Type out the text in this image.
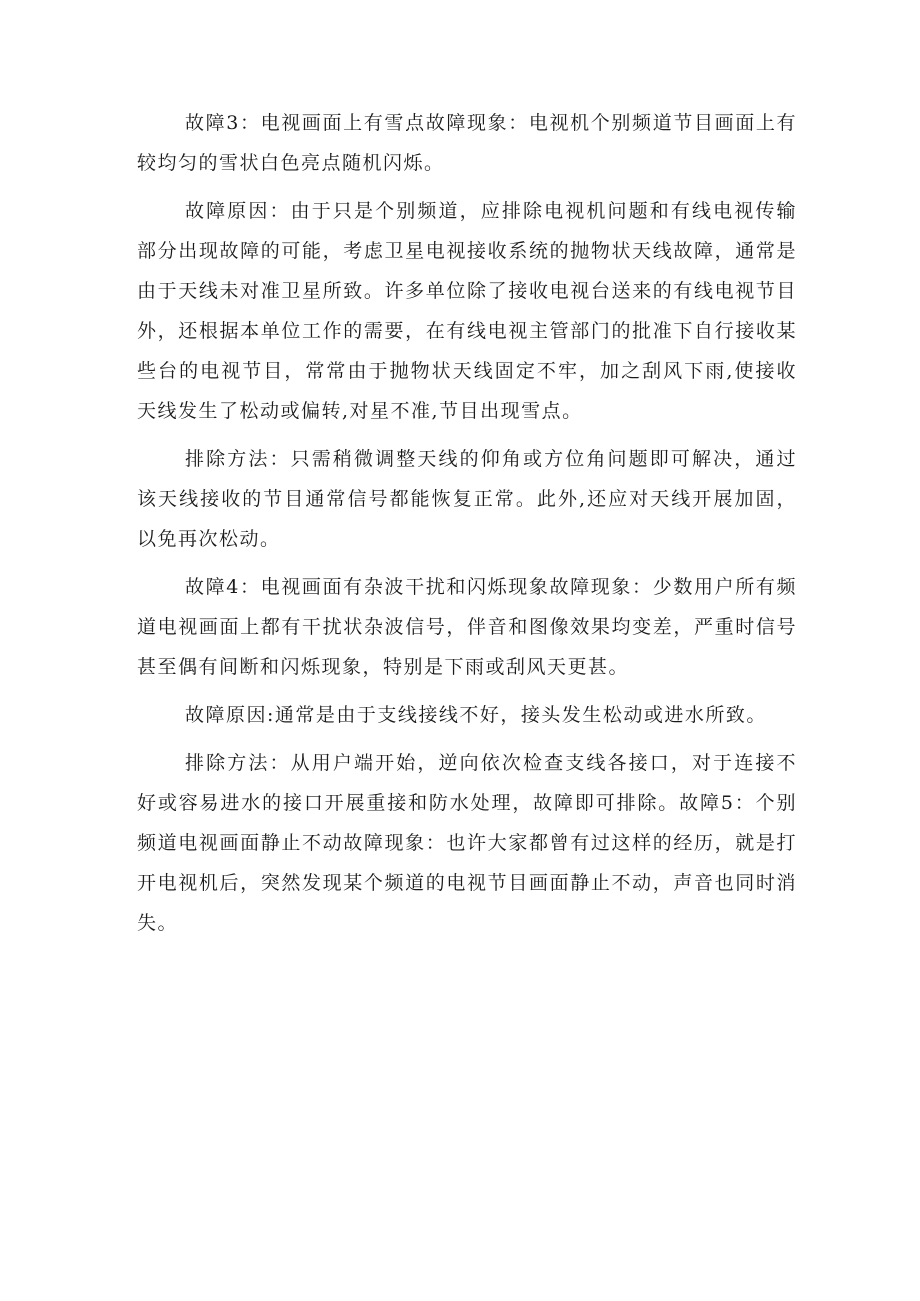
故障3：电视画面上有雪点故障现象：电视机个别频道节目画面上有较均匀的雪状白色亮点随机闪烁。

故障原因：由于只是个别频道，应排除电视机问题和有线电视传输部分出现故障的可能，考虑卫星电视接收系统的抛物状天线故障，通常是由于天线未对准卫星所致。许多单位除了接收电视台送来的有线电视节目外，还根据本单位工作的需要，在有线电视主管部门的批准下自行接收某些台的电视节目，常常由于抛物状天线固定不牢，加之刮风下雨,使接收天线发生了松动或偏转,对星不准,节目出现雪点。

排除方法：只需稍微调整天线的仰角或方位角问题即可解决，通过该天线接收的节目通常信号都能恢复正常。此外,还应对天线开展加固，以免再次松动。

故障4：电视画面有杂波干扰和闪烁现象故障现象：少数用户所有频道电视画面上都有干扰状杂波信号，伴音和图像效果均变差，严重时信号甚至偶有间断和闪烁现象，特别是下雨或刮风天更甚。

故障原因:通常是由于支线接线不好，接头发生松动或进水所致。

排除方法：从用户端开始，逆向依次检查支线各接口，对于连接不好或容易进水的接口开展重接和防水处理，故障即可排除。故障5：个别频道电视画面静止不动故障现象：也许大家都曾有过这样的经历，就是打开电视机后，突然发现某个频道的电视节目画面静止不动，声音也同时消失。
